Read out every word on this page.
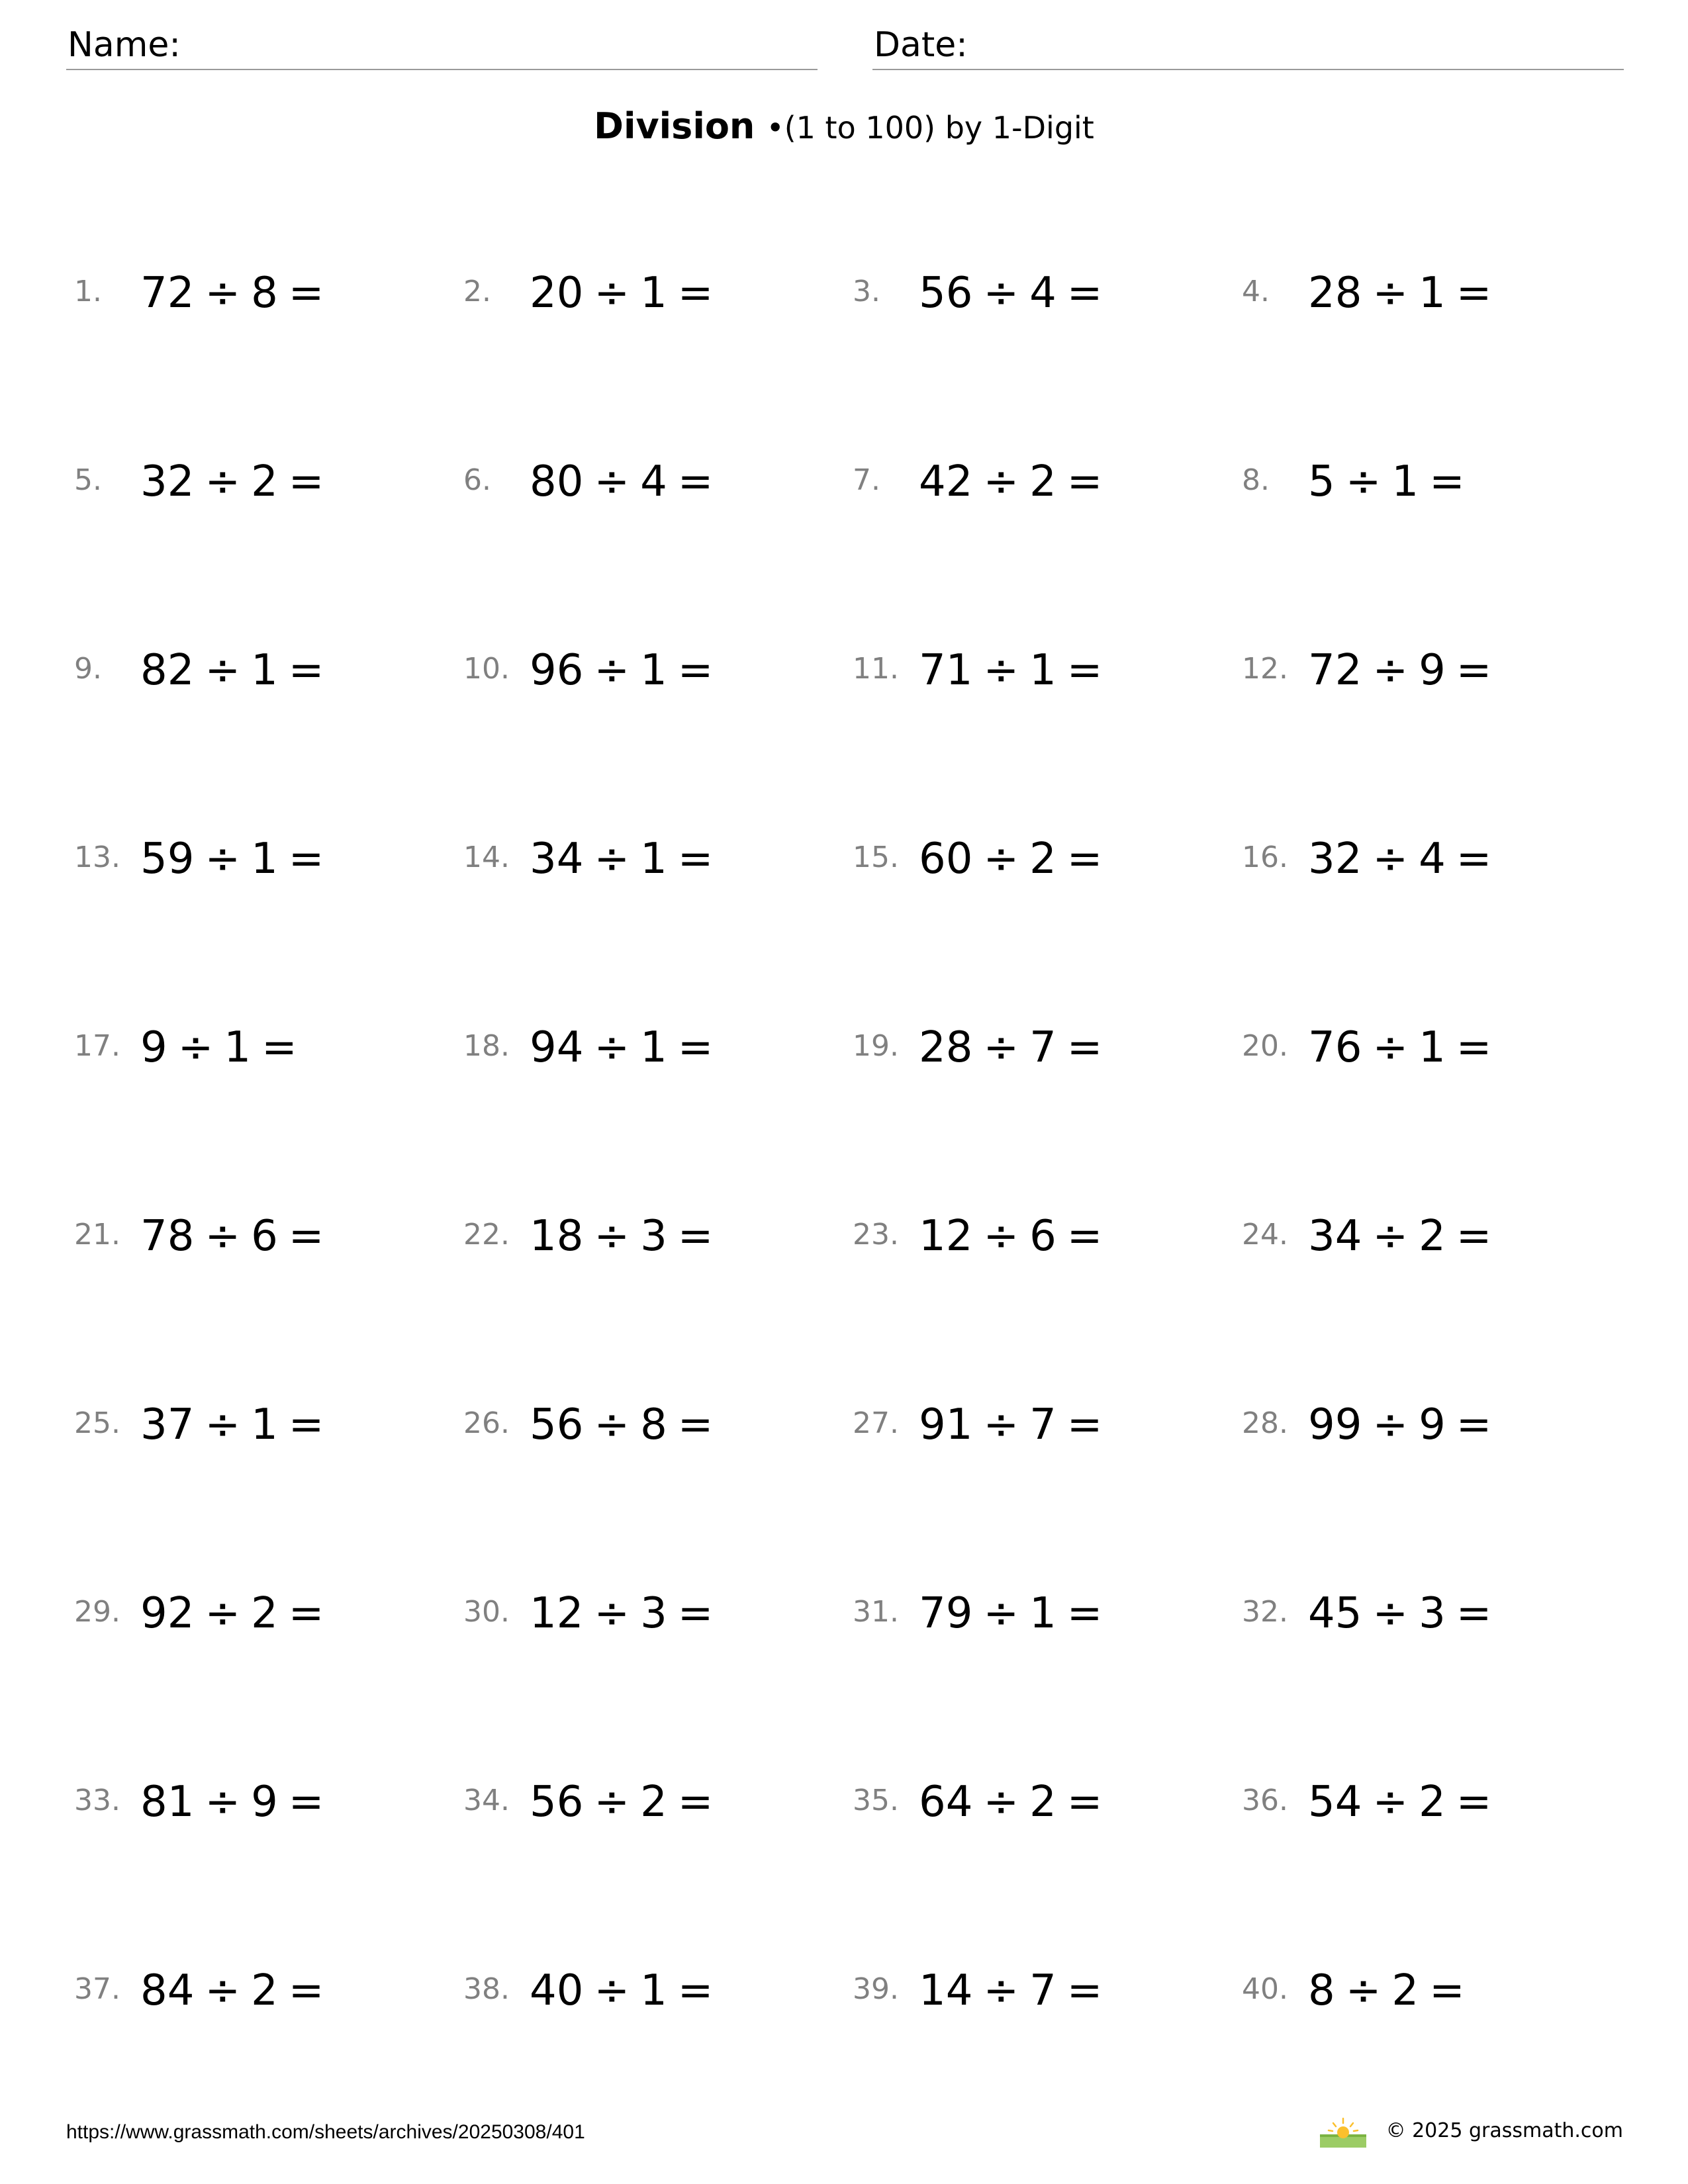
Name:	Date:
Division •(1 to 100) by 1-Digit
1. 72 ÷ 8 =	2. 20 ÷ 1 =	3. 56 ÷ 4 =	4. 28 ÷ 1 =
5. 32 ÷ 2 =	6. 80 ÷ 4 =	7. 42 ÷ 2 =	8. 5 ÷ 1 =
9. 82 ÷ 1 =	10. 96 ÷ 1 =	11. 71 ÷ 1 =	12. 72 ÷ 9 =
13. 59 ÷ 1 =	14. 34 ÷ 1 =	15. 60 ÷ 2 =	16. 32 ÷ 4 =
17. 9 ÷ 1 =	18. 94 ÷ 1 =	19. 28 ÷ 7 =	20. 76 ÷ 1 =
21. 78 ÷ 6 =	22. 18 ÷ 3 =	23. 12 ÷ 6 =	24. 34 ÷ 2 =
25. 37 ÷ 1 =	26. 56 ÷ 8 =	27. 91 ÷ 7 =	28. 99 ÷ 9 =
29. 92 ÷ 2 =	30. 12 ÷ 3 =	31. 79 ÷ 1 =	32. 45 ÷ 3 =
33. 81 ÷ 9 =	34. 56 ÷ 2 =	35. 64 ÷ 2 =	36. 54 ÷ 2 =
37. 84 ÷ 2 =	38. 40 ÷ 1 =	39. 14 ÷ 7 =	40. 8 ÷ 2 =
https://www.grassmath.com/sheets/archives/20250308/401	© 2025 grassmath.com
